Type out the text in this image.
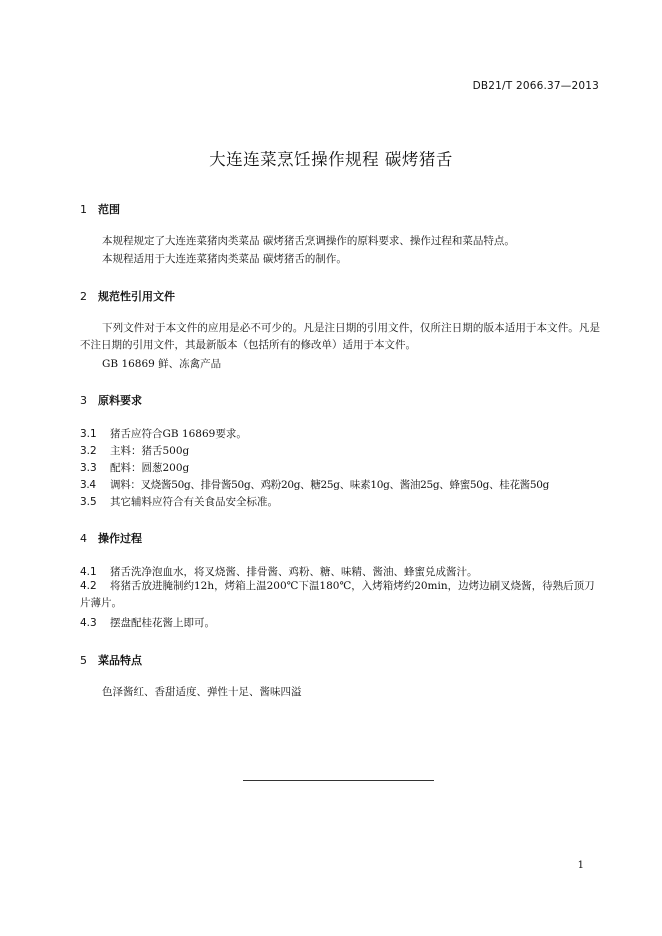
DB21/T 2066.37—2013
大连连菜烹饪操作规程 碳烤猪舌
1 范围
本规程规定了大连连菜猪肉类菜品 碳烤猪舌烹调操作的原料要求、操作过程和菜品特点。
本规程适用于大连连菜猪肉类菜品 碳烤猪舌的制作。
2 规范性引用文件
下列文件对于本文件的应用是必不可少的。凡是注日期的引用文件，仅所注日期的版本适用于本文件。凡是不注日期的引用文件，其最新版本（包括所有的修改单）适用于本文件。
GB 16869 鲜、冻禽产品
3 原料要求
3.1 猪舌应符合GB 16869要求。
3.2 主料：猪舌500g
3.3 配料：圆葱200g
3.4 调料：叉烧酱50g、排骨酱50g、鸡粉20g、糖25g、味素10g、酱油25g、蜂蜜50g、桂花酱50g
3.5 其它辅料应符合有关食品安全标准。
4 操作过程
4.1 猪舌洗净泡血水，将叉烧酱、排骨酱、鸡粉、糖、味精、酱油、蜂蜜兑成酱汁。
4.2 将猪舌放进腌制约12h，烤箱上温200℃下温180℃，入烤箱烤约20min，边烤边刷叉烧酱，待熟后顶刀片薄片。
4.3 摆盘配桂花酱上即可。
5 菜品特点
色泽酱红、香甜适度、弹性十足、酱味四溢
1
